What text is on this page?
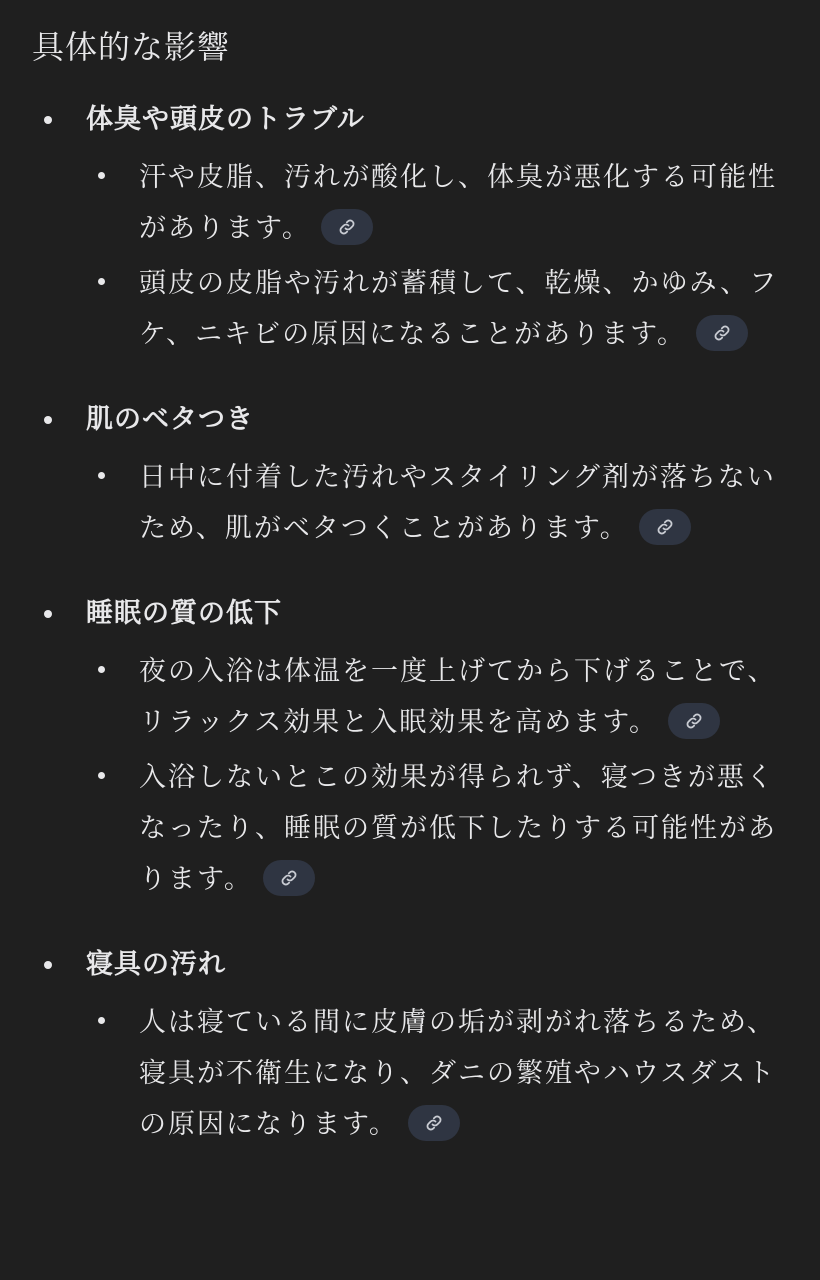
具体的な影響
体臭や頭皮のトラブル
汗や皮脂、汚れが酸化し、体臭が悪化する可能性があります。
頭皮の皮脂や汚れが蓄積して、乾燥、かゆみ、フケ、ニキビの原因になることがあります。
肌のベタつき
日中に付着した汚れやスタイリング剤が落ちないため、肌がベタつくことがあります。
睡眠の質の低下
夜の入浴は体温を一度上げてから下げることで、リラックス効果と入眠効果を高めます。
入浴しないとこの効果が得られず、寝つきが悪くなったり、睡眠の質が低下したりする可能性があります。
寝具の汚れ
人は寝ている間に皮膚の垢が剥がれ落ちるため、寝具が不衛生になり、ダニの繁殖やハウスダストの原因になります。
